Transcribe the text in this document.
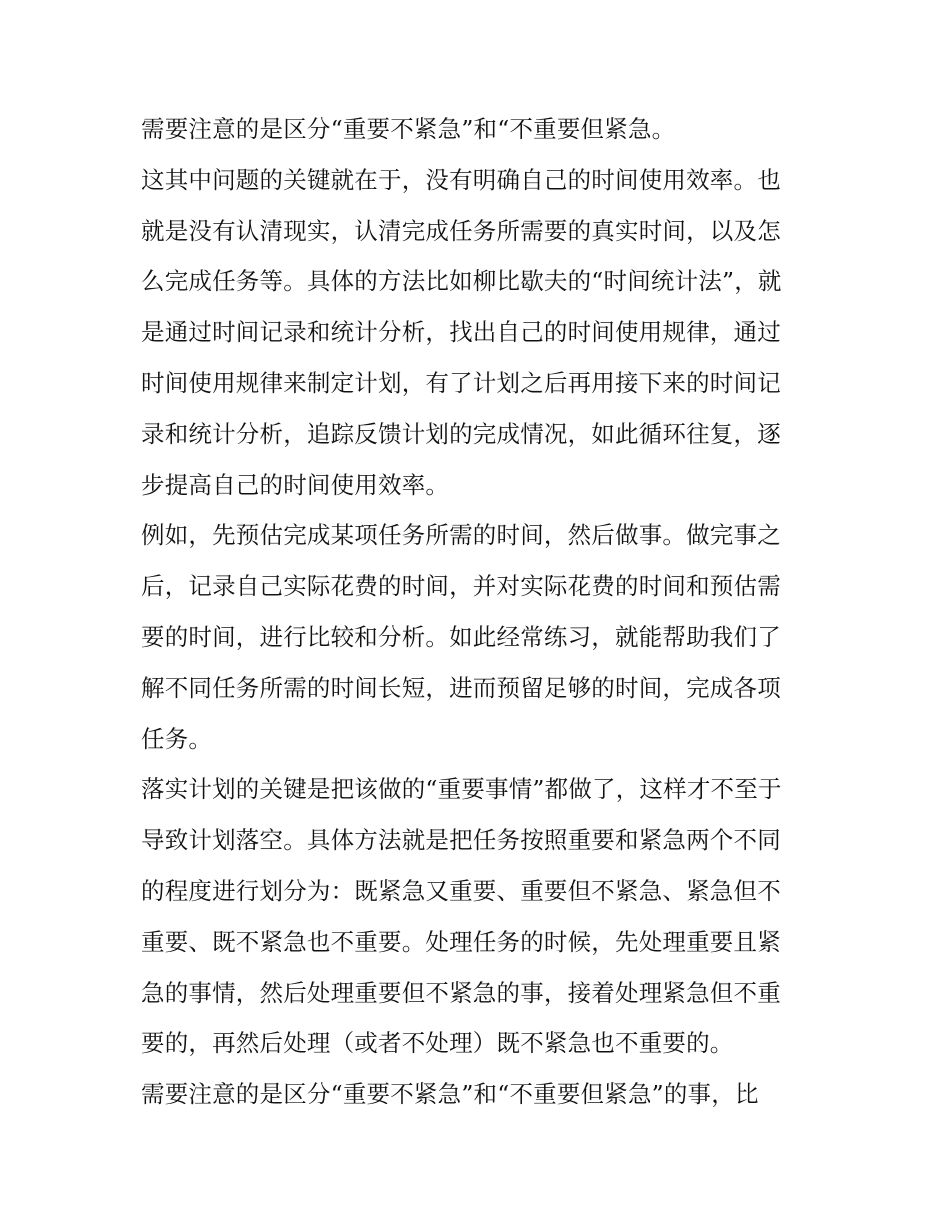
需要注意的是区分“重要不紧急”和“不重要但紧急。
这其中问题的关键就在于，没有明确自己的时间使用效率。也
就是没有认清现实，认清完成任务所需要的真实时间，以及怎
么完成任务等。具体的方法比如柳比歇夫的“时间统计法”，就
是通过时间记录和统计分析，找出自己的时间使用规律，通过
时间使用规律来制定计划，有了计划之后再用接下来的时间记
录和统计分析，追踪反馈计划的完成情况，如此循环往复，逐
步提高自己的时间使用效率。
例如，先预估完成某项任务所需的时间，然后做事。做完事之
后，记录自己实际花费的时间，并对实际花费的时间和预估需
要的时间，进行比较和分析。如此经常练习，就能帮助我们了
解不同任务所需的时间长短，进而预留足够的时间，完成各项
任务。
落实计划的关键是把该做的“重要事情”都做了，这样才不至于
导致计划落空。具体方法就是把任务按照重要和紧急两个不同
的程度进行划分为：既紧急又重要、重要但不紧急、紧急但不
重要、既不紧急也不重要。处理任务的时候，先处理重要且紧
急的事情，然后处理重要但不紧急的事，接着处理紧急但不重
要的，再然后处理（或者不处理）既不紧急也不重要的。
需要注意的是区分“重要不紧急”和“不重要但紧急”的事，比
